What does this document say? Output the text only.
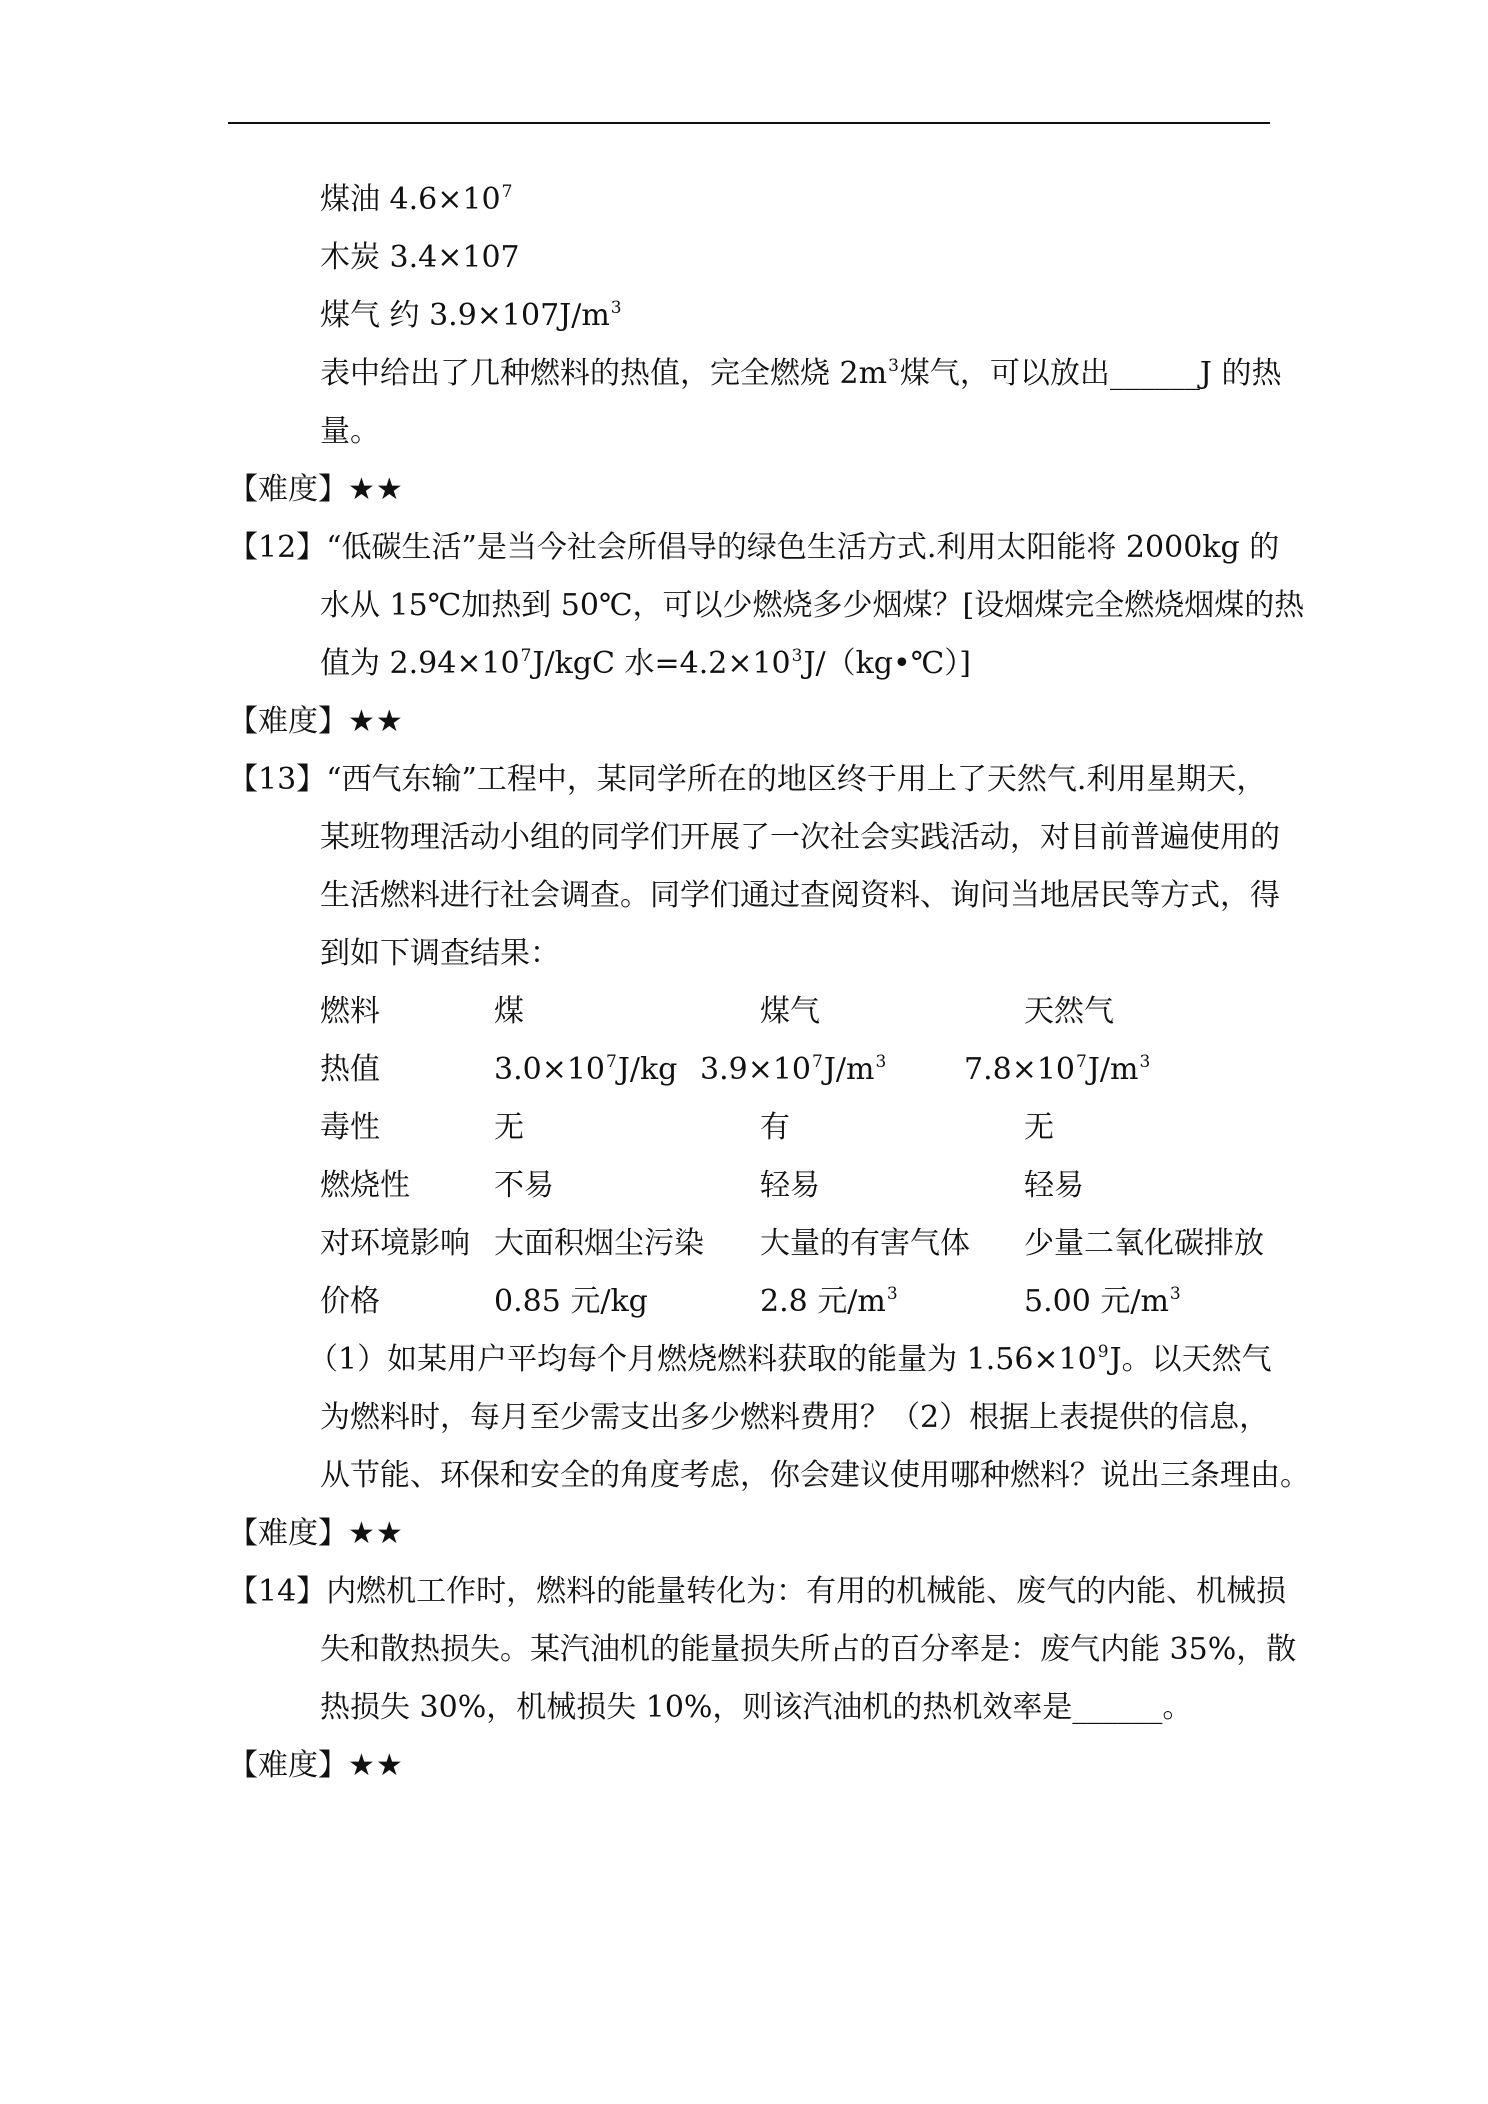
煤油 $4.6\times 10^7$
木炭 3.4×107
煤气 约 $3.9\times 107J/m^3$
表中给出了几种燃料的热值，完全燃烧 $2m^3$煤气，可以放出______J 的热
量。
【难度】★★
【12】“低碳生活”是当今社会所倡导的绿色生活方式.利用太阳能将 2000kg 的
水从 15℃加热到 50℃，可以少燃烧多少烟煤？[设烟煤完全燃烧烟煤的热
值为 $2.94\times 10^7J$/kgC 水$=4.2\times 10^3J/(kg•℃)$]
【难度】★★
【13】“西气东输”工程中，某同学所在的地区终于用上了天然气.利用星期天，
某班物理活动小组的同学们开展了一次社会实践活动，对目前普遍使用的
生活燃料进行社会调查。同学们通过查阅资料、询问当地居民等方式，得
到如下调查结果：
燃料	煤	煤气	天然气
热值	$3.0\times 10^7J/kg$ $3.9\times 10^7J/m^3$	$7.8\times 10^7J/m^3$
毒性	无	有	无
燃烧性	不易	轻易	轻易
对环境影响 大面积烟尘污染 大量的有害气体 少量二氧化碳排放
价格	0.85 元/kg	2.8 元$/m^3$	5.00 元$/m^3$
（1）如某用户平均每个月燃烧燃料获取的能量为 $1.56\times 10^9J$。以天然气
为燃料时，每月至少需支出多少燃料费用？（2）根据上表提供的信息，
从节能、环保和安全的角度考虑，你会建议使用哪种燃料？说出三条理由。
【难度】★★
【14】内燃机工作时，燃料的能量转化为：有用的机械能、废气的内能、机械损
失和散热损失。某汽油机的能量损失所占的百分率是：废气内能 35%，散
热损失 30%，机械损失 10%，则该汽油机的热机效率是______。
【难度】★★
